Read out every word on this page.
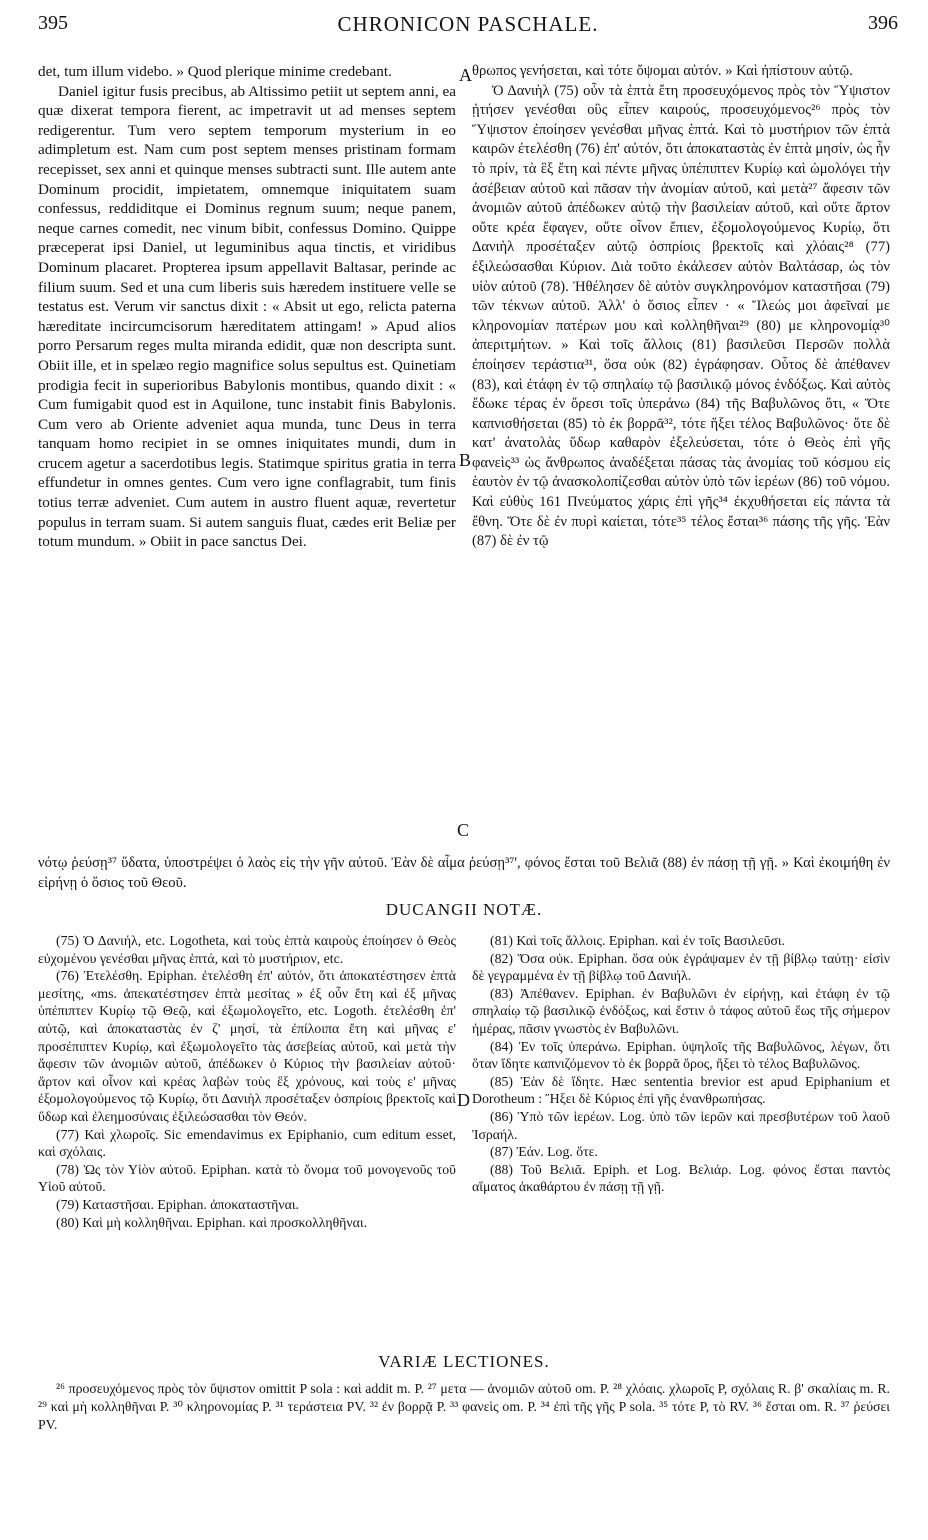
395	CHRONICON PASCHALE.	396

det, tum illum videbo. » Quod plerique minime credebant.

Daniel igitur fusis precibus, ab Altissimo petiit ut septem anni, ea quæ dixerat tempora fierent, ac impetravit ut ad menses septem redigerentur. Tum vero septem temporum mysterium in eo adimpletum est. Nam cum post septem menses pristinam formam recepisset, sex anni et quinque menses subtracti sunt. Ille autem ante Dominum procidit, impietatem, omnemque iniquitatem suam confessus, reddiditque ei Dominus regnum suum; neque panem, neque carnes comedit, nec vinum bibit, confessus Domino. Quippe præceperat ipsi Daniel, ut leguminibus aqua tinctis, et viridibus Dominum placaret. Propterea ipsum appellavit Baltasar, perinde ac filium suum. Sed et una cum liberis suis hæredem instituere velle se testatus est. Verum vir sanctus dixit : « Absit ut ego, relicta paterna hæreditate incircumcisorum hæreditatem attingam! » Apud alios porro Persarum reges multa miranda edidit, quæ non descripta sunt. Obiit ille, et in spelæo regio magnifice solus sepultus est. Quinetiam prodigia fecit in superioribus Babylonis montibus, quando dixit : « Cum fumigabit quod est in Aquilone, tunc instabit finis Babylonis. Cum vero ab Oriente adveniet aqua munda, tunc Deus in terra tanquam homo recipiet in se omnes iniquitates mundi, dum in crucem agetur a sacerdotibus legis. Statimque spiritus gratia in terra effundetur in omnes gentes. Cum vero igne conflagrabit, tum finis totius terræ adveniet. Cum autem in austro fluent aquæ, revertetur populus in terram suam. Si autem sanguis fluat, cædes erit Beliæ per totum mundum. » Obiit in pace sanctus Dei.

A
B
C
D

θρωπος γενήσεται, καὶ τότε ὄψομαι αὐτόν. » Καὶ ἠπίστουν αὐτῷ.

Ὁ Δανιὴλ (75) οὖν τὰ ἑπτὰ ἔτη προσευχόμενος πρὸς τὸν Ὕψιστον ᾐτήσεν γενέσθαι οὓς εἶπεν καιρούς, προσευχόμενος²⁶ πρὸς τὸν Ὕψιστον ἐποίησεν γενέσθαι μῆνας ἑπτά. Καὶ τὸ μυστήριον τῶν ἑπτὰ καιρῶν ἐτελέσθη (76) ἐπ' αὐτόν, ὅτι ἀποκαταστὰς ἐν ἑπτὰ μησίν, ὡς ἦν τὸ πρίν, τὰ ἓξ ἔτη καὶ πέντε μῆνας ὑπέπιπτεν Κυρίῳ καὶ ὡμολόγει τὴν ἀσέβειαν αὐτοῦ καὶ πᾶσαν τὴν ἀνομίαν αὐτοῦ, καὶ μετὰ²⁷ ἄφεσιν τῶν ἀνομιῶν αὐτοῦ ἀπέδωκεν αὐτῷ τὴν βασιλείαν αὐτοῦ, καὶ οὔτε ἄρτον οὔτε κρέα ἔφαγεν, οὔτε οἶνον ἔπιεν, ἐξομολογούμενος Κυρίῳ, ὅτι Δανιὴλ προσέταξεν αὐτῷ ὀσπρίοις βρεκτοῖς καὶ χλόαις²⁸ (77) ἐξιλεώσασθαι Κύριον. Διὰ τοῦτο ἐκάλεσεν αὐτὸν Βαλτάσαρ, ὡς τὸν υἱὸν αὐτοῦ (78). Ἠθέλησεν δὲ αὐτὸν συγκληρονόμον καταστῆσαι (79) τῶν τέκνων αὐτοῦ. Ἀλλ' ὁ ὅσιος εἶπεν · « Ἵλεώς μοι ἀφεῖναί με κληρονομίαν πατέρων μου καὶ κολληθῆναι²⁹ (80) με κληρονομίᾳ³⁰ ἀπεριτμήτων. » Καὶ τοῖς ἄλλοις (81) βασιλεῦσι Περσῶν πολλὰ ἐποίησεν τεράστια³¹, ὅσα οὐκ (82) ἐγράφησαν. Οὗτος δὲ ἀπέθανεν (83), καὶ ἐτάφη ἐν τῷ σπηλαίῳ τῷ βασιλικῷ μόνος ἐνδόξως. Καὶ αὐτὸς ἔδωκε τέρας ἐν ὄρεσι τοῖς ὑπεράνω (84) τῆς Βαβυλῶνος ὅτι, « Ὅτε καπνισθήσεται (85) τὸ ἐκ βορρᾶ³², τότε ἥξει τέλος Βαβυλῶνος· ὅτε δὲ κατ' ἀνατολὰς ὕδωρ καθαρὸν ἐξελεύσεται, τότε ὁ Θεὸς ἐπὶ γῆς φανεὶς³³ ὡς ἄνθρωπος ἀναδέξεται πάσας τὰς ἀνομίας τοῦ κόσμου εἰς ἑαυτὸν ἐν τῷ ἀνασκολοπίζεσθαι αὐτὸν ὑπὸ τῶν ἱερέων (86) τοῦ νόμου. Καὶ εὐθὺς 161 Πνεύματος χάρις ἐπὶ γῆς³⁴ ἐκχυθήσεται εἰς πάντα τὰ ἔθνη. Ὅτε δὲ ἐν πυρὶ καίεται, τότε³⁵ τέλος ἔσται³⁶ πάσης τῆς γῆς. Ἐὰν (87) δὲ ἐν τῷ

νότῳ ῥεύσῃ³⁷ ὕδατα, ὑποστρέψει ὁ λαὸς εἰς τὴν γῆν αὐτοῦ. Ἐὰν δὲ αἷμα ῥεύσῃ³⁷', φόνος ἔσται τοῦ Βελιᾶ (88) ἐν πάσῃ τῇ γῇ. » Καὶ ἐκοιμήθη ἐν εἰρήνῃ ὁ ὅσιος τοῦ Θεοῦ.

DUCANGII NOTÆ.

(75) Ὁ Δανιήλ, etc. Logotheta, καὶ τοὺς ἑπτὰ καιροὺς ἐποίησεν ὁ Θεὸς εὐχομένου γενέσθαι μῆνας ἑπτά, καὶ τὸ μυστήριον, etc.

(76) Ἐτελέσθη. Epiphan. ἐτελέσθη ἐπ' αὐτόν, ὅτι ἀποκατέστησεν ἑπτὰ μεσίτης, «ms. ἀπεκατέστησεν ἑπτὰ μεσίτας » ἐξ οὖν ἔτη καὶ ἐξ μῆνας ὑπέπιπτεν Κυρίῳ τῷ Θεῷ, καὶ ἐξωμολογεῖτο, etc. Logoth. ἐτελέσθη ἐπ' αὐτῷ, καὶ ἀποκαταστὰς ἐν ζ' μησί, τὰ ἐπίλοιπα ἔτη καὶ μῆνας ε' προσέπιπτεν Κυρίῳ, καὶ ἐξωμολογεῖτο τὰς ἀσεβείας αὐτοῦ, καὶ μετὰ τὴν ἄφεσιν τῶν ἀνομιῶν αὐτοῦ, ἀπέδωκεν ὁ Κύριος τὴν βασιλείαν αὐτοῦ· ἄρτον καὶ οἶνον καὶ κρέας λαβὼν τοὺς ἓξ χρόνους, καὶ τοὺς ε' μῆνας ἐξομολογούμενος τῷ Κυρίῳ, ὅτι Δανιὴλ προσέταξεν ὀσπρίοις βρεκτοῖς καὶ ὕδωρ καὶ ἐλεημοσύναις ἐξιλεώσασθαι τὸν Θεόν.

(77) Καὶ χλωροῖς. Sic emendavimus ex Epiphanio, cum editum esset, καὶ σχόλαις.

(78) Ὡς τὸν Υἱὸν αὐτοῦ. Epiphan. κατὰ τὸ ὄνομα τοῦ μονογενοῦς τοῦ Υἱοῦ αὐτοῦ.

(79) Καταστῆσαι. Epiphan. ἀποκαταστῆναι.

(80) Καὶ μὴ κολληθῆναι. Epiphan. καὶ προσκολληθῆναι.

(81) Καὶ τοῖς ἄλλοις. Epiphan. καὶ ἐν τοῖς Βασιλεῦσι.

(82) Ὅσα οὐκ. Epiphan. ὅσα οὐκ ἐγράψαμεν ἐν τῇ βίβλῳ ταύτῃ· εἰσὶν δὲ γεγραμμένα ἐν τῇ βίβλῳ τοῦ Δανιήλ.

(83) Ἀπέθανεν. Epiphan. ἐν Βαβυλῶνι ἐν εἰρήνῃ, καὶ ἐτάφη ἐν τῷ σπηλαίῳ τῷ βασιλικῷ ἐνδόξως, καὶ ἔστιν ὁ τάφος αὐτοῦ ἕως τῆς σήμερον ἡμέρας, πᾶσιν γνωστὸς ἐν Βαβυλῶνι.

(84) Ἐν τοῖς ὑπεράνω. Epiphan. ὑψηλοῖς τῆς Βαβυλῶνος, λέγων, ὅτι ὅταν ἴδητε καπνιζόμενον τὸ ἐκ βορρᾶ ὄρος, ἥξει τὸ τέλος Βαβυλῶνος.

(85) Ἐὰν δὲ ἴδητε. Hæc sententia brevior est apud Epiphanium et Dorotheum : Ἥξει δὲ Κύριος ἐπὶ γῆς ἐνανθρωπήσας.

(86) Ὑπὸ τῶν ἱερέων. Log. ὑπὸ τῶν ἱερῶν καὶ πρεσβυτέρων τοῦ λαοῦ Ἰσραήλ.

(87) Ἐάν. Log. ὅτε.

(88) Τοῦ Βελιᾶ. Epiph. et Log. Βελιάρ. Log. φόνος ἔσται παντὸς αἵματος ἀκαθάρτου ἐν πάσῃ τῇ γῇ.

VARIÆ LECTIONES.

²⁶ προσευχόμενος πρὸς τὸν ὕψιστον omittit P sola : καὶ addit m. P. ²⁷ μετα — ἀνομιῶν αὐτοῦ om. P. ²⁸ χλόαις. χλωροῖς P, σχόλαις R. β' σκαλίαις m. R. ²⁹ καὶ μὴ κολληθῆναι P. ³⁰ κληρονομίας P. ³¹ τεράστεια PV. ³² ἐν βορρᾷ P. ³³ φανεὶς om. P. ³⁴ ἐπὶ τῆς γῆς P sola. ³⁵ τότε P, τὸ RV. ³⁶ ἔσται om. R. ³⁷ ῥεύσει PV.
